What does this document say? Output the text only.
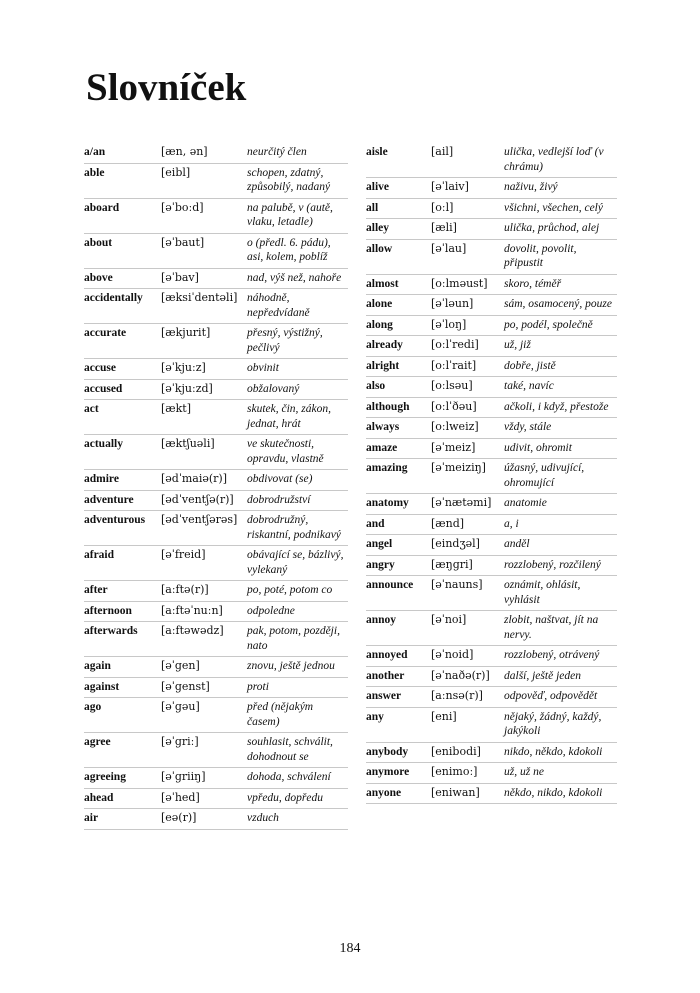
Slovníček
a/an	[æn, ən]	neurčitý člen
able	[eibl]	schopen, zdatný, způsobilý, nadaný
aboard	[əˈboːd]	na palubě, v (autě, vlaku, letadle)
about	[əˈbaut]	o (předl. 6. pádu), asi, kolem, poblíž
above	[əˈbav]	nad, výš než, nahoře
accidentally	[æksiˈdentəli] náhodně, nepředvídaně
accurate	[ækjurit]	přesný, výstižný, pečlivý
accuse	[əˈkjuːz]	obvinit
accused	[əˈkjuːzd]	obžalovaný
act	[ækt]	skutek, čin, zákon, jednat, hrát
actually	[æktʃuəli]	ve skutečnosti, opravdu, vlastně
admire	[ədˈmaiə(r)]	obdivovat (se)
adventure	[ədˈventʃə(r)]	dobrodružství
adventurous	[ədˈventʃərəs] dobrodružný, riskantní, podnikavý
afraid	[əˈfreid]	obávající se, bázlivý, vylekaný
after	[aːftə(r)]	po, poté, potom co
afternoon	[aːftəˈnuːn]	odpoledne
afterwards	[aːftəwədz]	pak, potom, později, nato
again	[əˈgen]	znovu, ještě jednou
against	[əˈgenst]	proti
ago	[əˈgəu]	před (nějakým časem)
agree	[əˈgriː]	souhlasit, schválit, dohodnout se
agreeing	[əˈgriiŋ]	dohoda, schválení
ahead	[əˈhed]	vpředu, dopředu
air	[eə(r)]	vzduch
aisle	[ail]	ulička, vedlejší loď (v chrámu)
alive	[əˈlaiv]	naživu, živý
all	[oːl]	všichni, všechen, celý
alley	[æli]	ulička, průchod, alej
allow	[əˈlau]	dovolit, povolit, připustit
almost	[oːlməust]	skoro, téměř
alone	[əˈləun]	sám, osamocený, pouze
along	[əˈloŋ]	po, podél, společně
already	[oːlˈredi]	už, již
alright	[oːlˈrait]	dobře, jistě
also	[oːlsəu]	také, navíc
although	[oːlˈðəu]	ačkoli, i když, přestože
always	[oːlweiz]	vždy, stále
amaze	[əˈmeiz]	udivit, ohromit
amazing	[əˈmeiziŋ]	úžasný, udivující, ohromující
anatomy	[əˈnætəmi]	anatomie
and	[ænd]	a, i
angel	[eindʒəl]	anděl
angry	[æŋgri]	rozzlobený, rozčilený
announce	[əˈnauns]	oznámit, ohlásit, vyhlásit
annoy	[əˈnoi]	zlobit, naštvat, jít na nervy.
annoyed	[əˈnoid]	rozzlobený, otrávený
another	[əˈnaðə(r)]	další, ještě jeden
answer	[aːnsə(r)]	odpověď, odpovědět
any	[eni]	nějaký, žádný, každý, jakýkoli
anybody	[enibodi]	nikdo, někdo, kdokoli
anymore	[enimoː]	už, už ne
anyone	[eniwan]	někdo, nikdo, kdokoli

184
